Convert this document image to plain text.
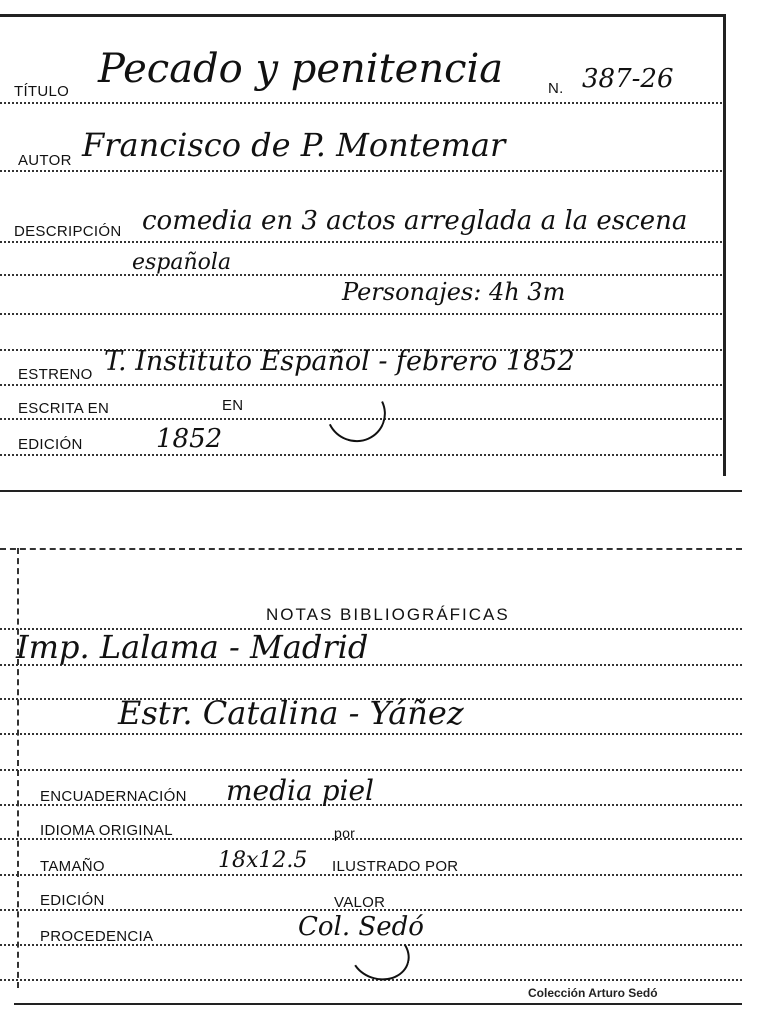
TÍTULO Pecado y penitencia	N. 387-26
AUTOR Francisco de P. Montemar
DESCRIPCIÓN comedia en 3 actos arreglada a la escena
española
Personajes: 4h 3m
ESTRENO T. Instituto Español - febrero 1852
ESCRITA EN	EN
EDICIÓN	1852
NOTAS BIBLIOGRÁFICAS
Imp. Lalama - Madrid
Estr. Catalina - Yáñez
ENCUADERNACIÓN media piel
IDIOMA ORIGINAL	por
TAMAÑO	18x12.5 ILUSTRADO POR
EDICIÓN	VALOR
PROCEDENCIA	Col. Sedó
Colección Arturo Sedó
